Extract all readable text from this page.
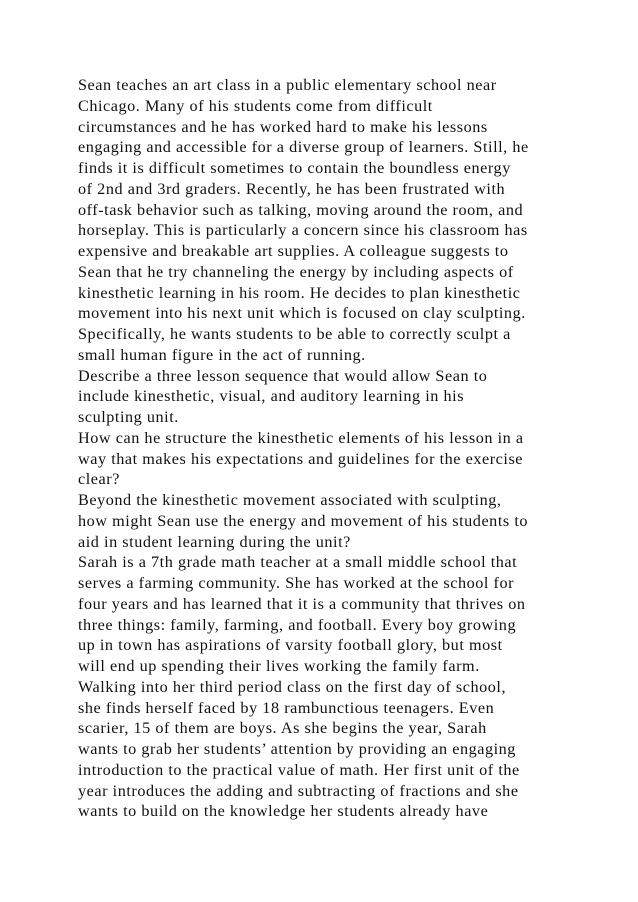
Sean teaches an art class in a public elementary school near
Chicago. Many of his students come from difficult
circumstances and he has worked hard to make his lessons
engaging and accessible for a diverse group of learners. Still, he
finds it is difficult sometimes to contain the boundless energy
of 2nd and 3rd graders. Recently, he has been frustrated with
off-task behavior such as talking, moving around the room, and
horseplay. This is particularly a concern since his classroom has
expensive and breakable art supplies. A colleague suggests to
Sean that he try channeling the energy by including aspects of
kinesthetic learning in his room. He decides to plan kinesthetic
movement into his next unit which is focused on clay sculpting.
Specifically, he wants students to be able to correctly sculpt a
small human figure in the act of running.
Describe a three lesson sequence that would allow Sean to
include kinesthetic, visual, and auditory learning in his
sculpting unit.
How can he structure the kinesthetic elements of his lesson in a
way that makes his expectations and guidelines for the exercise
clear?
Beyond the kinesthetic movement associated with sculpting,
how might Sean use the energy and movement of his students to
aid in student learning during the unit?
Sarah is a 7th grade math teacher at a small middle school that
serves a farming community. She has worked at the school for
four years and has learned that it is a community that thrives on
three things: family, farming, and football. Every boy growing
up in town has aspirations of varsity football glory, but most
will end up spending their lives working the family farm.
Walking into her third period class on the first day of school,
she finds herself faced by 18 rambunctious teenagers. Even
scarier, 15 of them are boys. As she begins the year, Sarah
wants to grab her students’ attention by providing an engaging
introduction to the practical value of math. Her first unit of the
year introduces the adding and subtracting of fractions and she
wants to build on the knowledge her students already have
